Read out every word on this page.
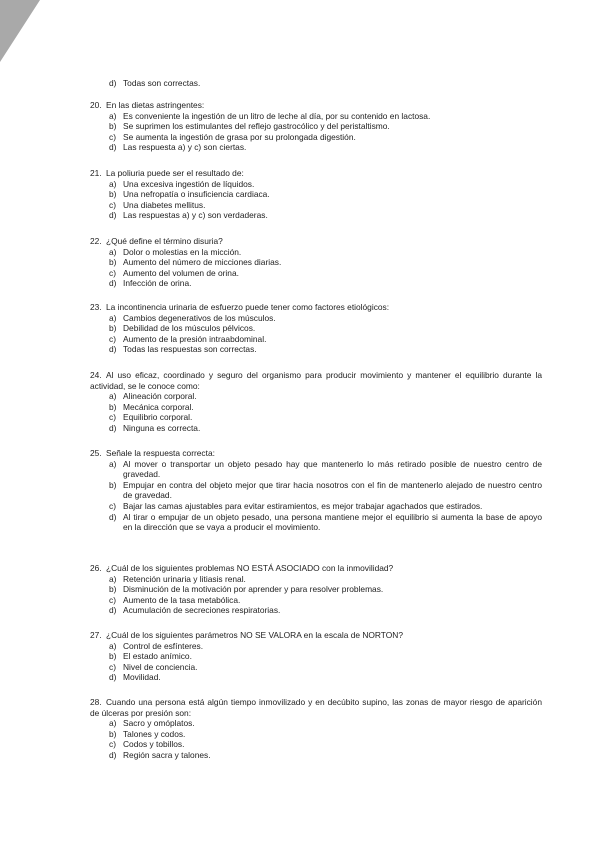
d) Todas son correctas.
20. En las dietas astringentes:
a) Es conveniente la ingestión de un litro de leche al día, por su contenido en lactosa.
b) Se suprimen los estimulantes del reflejo gastrocólico y del peristaltismo.
c) Se aumenta la ingestión de grasa por su prolongada digestión.
d) Las respuesta a) y c) son ciertas.
21. La poliuria puede ser el resultado de:
a) Una excesiva ingestión de líquidos.
b) Una nefropatía o insuficiencia cardiaca.
c) Una diabetes mellitus.
d) Las respuestas a) y c) son verdaderas.
22. ¿Qué define el término disuria?
a) Dolor o molestias en la micción.
b) Aumento del número de micciones diarias.
c) Aumento del volumen de orina.
d) Infección de orina.
23. La incontinencia urinaria de esfuerzo puede tener como factores etiológicos:
a) Cambios degenerativos de los músculos.
b) Debilidad de los músculos pélvicos.
c) Aumento de la presión intraabdominal.
d) Todas las respuestas son correctas.
24. Al uso eficaz, coordinado y seguro del organismo para producir movimiento y mantener el equilibrio durante la actividad, se le conoce como:
a) Alineación corporal.
b) Mecánica corporal.
c) Equilibrio corporal.
d) Ninguna es correcta.
25. Señale la respuesta correcta:
a) Al mover o transportar un objeto pesado hay que mantenerlo lo más retirado posible de nuestro centro de gravedad.
b) Empujar en contra del objeto mejor que tirar hacia nosotros con el fin de mantenerlo alejado de nuestro centro de gravedad.
c) Bajar las camas ajustables para evitar estiramientos, es mejor trabajar agachados que estirados.
d) Al tirar o empujar de un objeto pesado, una persona mantiene mejor el equilibrio si aumenta la base de apoyo en la dirección que se vaya a producir el movimiento.
26. ¿Cuál de los siguientes problemas NO ESTÁ ASOCIADO con la inmovilidad?
a) Retención urinaria y litiasis renal.
b) Disminución de la motivación por aprender y para resolver problemas.
c) Aumento de la tasa metabólica.
d) Acumulación de secreciones respiratorias.
27. ¿Cuál de los siguientes parámetros NO SE VALORA en la escala de NORTON?
a) Control de esfínteres.
b) El estado anímico.
c) Nivel de conciencia.
d) Movilidad.
28. Cuando una persona está algún tiempo inmovilizado y en decúbito supino, las zonas de mayor riesgo de aparición de úlceras por presión son:
a) Sacro y omóplatos.
b) Talones y codos.
c) Codos y tobillos.
d) Región sacra y talones.
